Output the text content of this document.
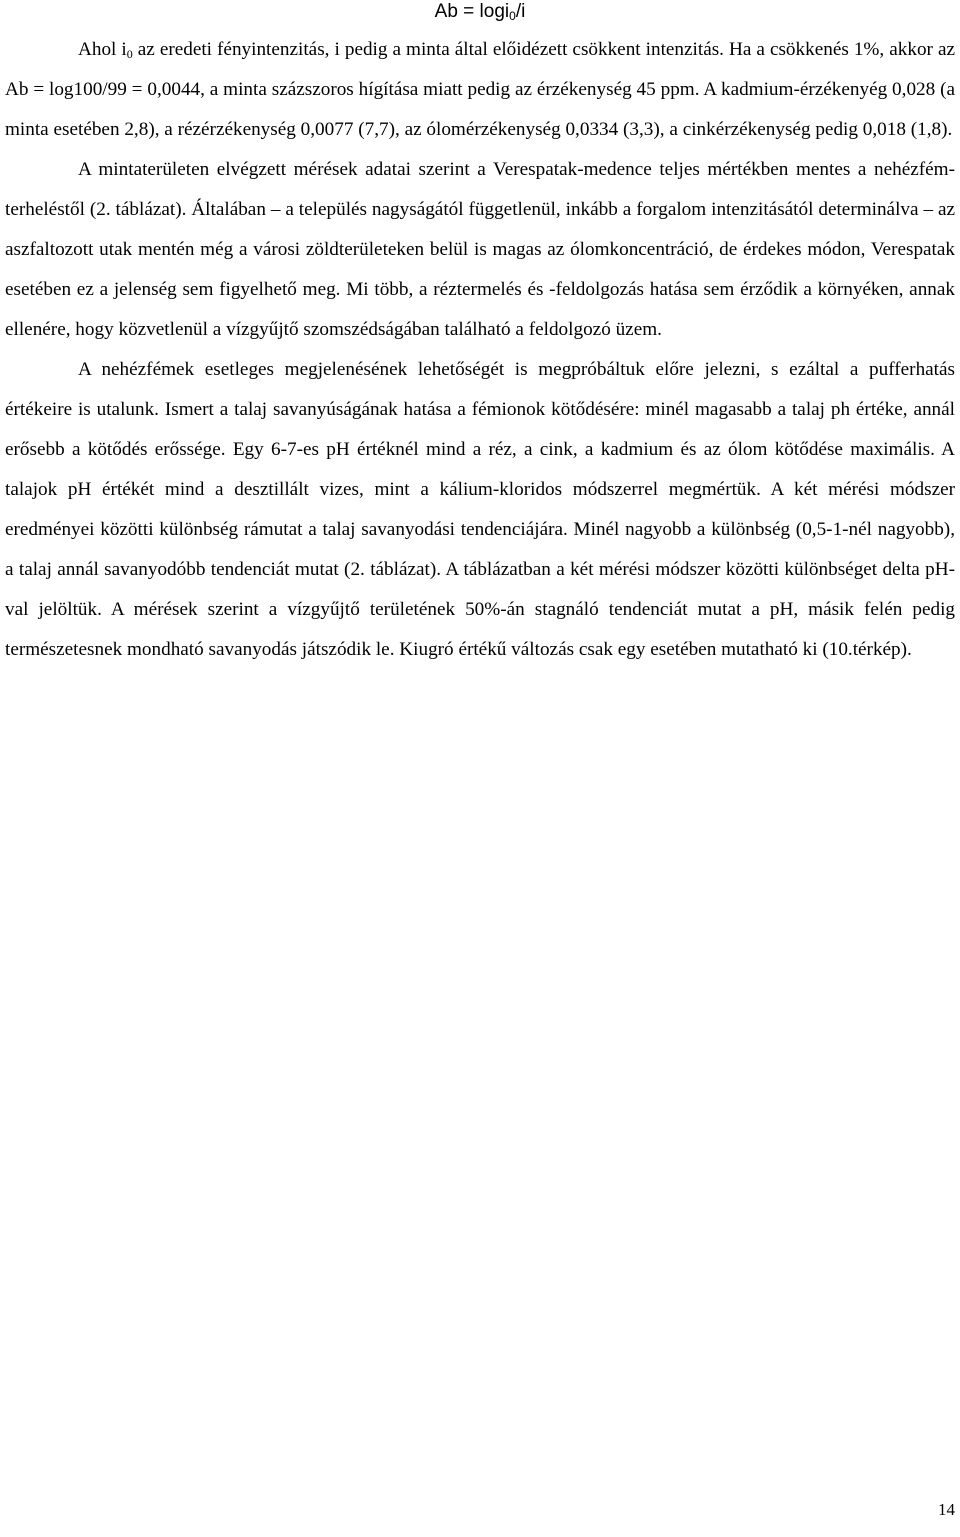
Ab = logi$_0$/i

Ahol $i_0$ az eredeti fényintenzitás, i pedig a minta által előidézett csökkent intenzitás. Ha a csökkenés 1%, akkor az Ab = log100/99 = 0,0044, a minta százszoros hígítása miatt pedig az érzékenység 45 ppm. A kadmium-érzékenyég 0,028 (a minta esetében 2,8), a rézérzékenység 0,0077 (7,7), az ólomérzékenység 0,0334 (3,3), a cinkérzékenység pedig 0,018 (1,8).

A mintaterületen elvégzett mérések adatai szerint a Verespatak-medence teljes mértékben mentes a nehézfém-terheléstől (2. táblázat). Általában – a település nagyságától függetlenül, inkább a forgalom intenzitásától determinálva – az aszfaltozott utak mentén még a városi zöldterületeken belül is magas az ólomkoncentráció, de érdekes módon, Verespatak esetében ez a jelenség sem figyelhető meg. Mi több, a réztermelés és -feldolgozás hatása sem érződik a környéken, annak ellenére, hogy közvetlenül a vízgyűjtő szomszédságában található a feldolgozó üzem.

A nehézfémek esetleges megjelenésének lehetőségét is megpróbáltuk előre jelezni, s ezáltal a pufferhatás értékeire is utalunk. Ismert a talaj savanyúságának hatása a fémionok kötődésére: minél magasabb a talaj ph értéke, annál erősebb a kötődés erőssége. Egy 6-7-es pH értéknél mind a réz, a cink, a kadmium és az ólom kötődése maximális. A talajok pH értékét mind a desztillált vizes, mint a kálium-kloridos módszerrel megmértük. A két mérési módszer eredményei közötti különbség rámutat a talaj savanyodási tendenciájára. Minél nagyobb a különbség (0,5-1-nél nagyobb), a talaj annál savanyodóbb tendenciát mutat (2. táblázat). A táblázatban a két mérési módszer közötti különbséget delta pH-val jelöltük. A mérések szerint a vízgyűjtő területének 50%-án stagnáló tendenciát mutat a pH, másik felén pedig természetesnek mondható savanyodás játszódik le. Kiugró értékű változás csak egy esetében mutatható ki (10.térkép).

14
